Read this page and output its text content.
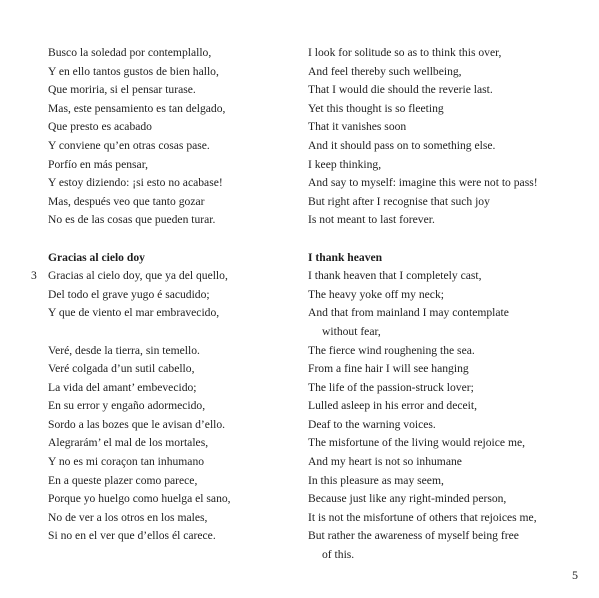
Busco la soledad por contemplallo,
Y en ello tantos gustos de bien hallo,
Que moriria, si el pensar turase.
Mas, este pensamiento es tan delgado,
Que presto es acabado
Y conviene qu’en otras cosas pase.
Porfío en más pensar,
Y estoy diziendo: ¡si esto no acabase!
Mas, después veo que tanto gozar
No es de las cosas que pueden turar.
Gracias al cielo doy
3 Gracias al cielo doy, que ya del quello,
Del todo el grave yugo é sacudido;
Y que de viento el mar embravecido,
Veré, desde la tierra, sin temello.
Veré colgada d’un sutil cabello,
La vida del amant’ embevecido;
En su error y engaño adormecido,
Sordo a las bozes que le avisan d’ello.
Alegrarám’ el mal de los mortales,
Y no es mi coraçon tan inhumano
En a queste plazer como parece,
Porque yo huelgo como huelga el sano,
No de ver a los otros en los males,
Si no en el ver que d’ellos él carece.
I look for solitude so as to think this over,
And feel thereby such wellbeing,
That I would die should the reverie last.
Yet this thought is so fleeting
That it vanishes soon
And it should pass on to something else.
I keep thinking,
And say to myself: imagine this were not to pass!
But right after I recognise that such joy
Is not meant to last forever.
I thank heaven
I thank heaven that I completely cast,
The heavy yoke off my neck;
And that from mainland I may contemplate
without fear,
The fierce wind roughening the sea.
From a fine hair I will see hanging
The life of the passion-struck lover;
Lulled asleep in his error and deceit,
Deaf to the warning voices.
The misfortune of the living would rejoice me,
And my heart is not so inhumane
In this pleasure as may seem,
Because just like any right-minded person,
It is not the misfortune of others that rejoices me,
But rather the awareness of myself being free
of this.
5
